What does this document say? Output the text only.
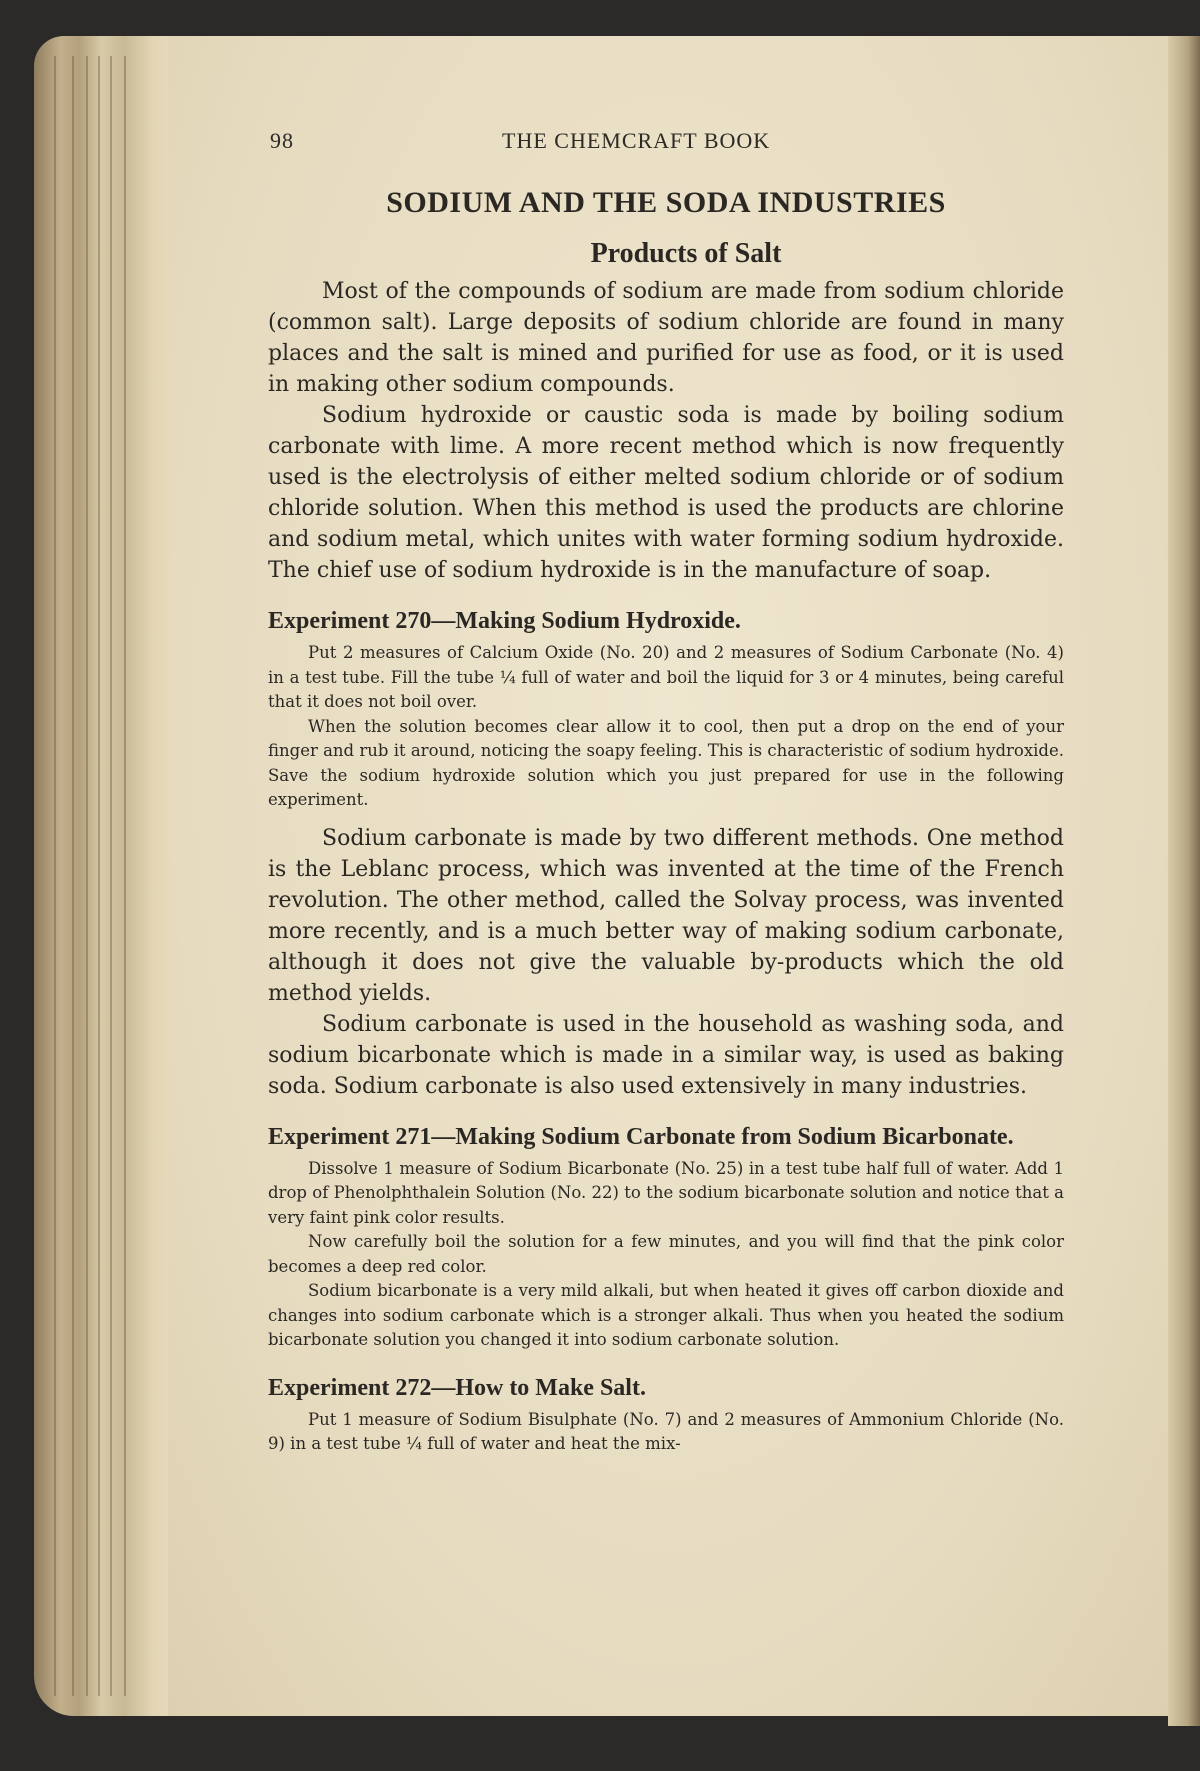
98	THE CHEMCRAFT BOOK
SODIUM AND THE SODA INDUSTRIES
Products of Salt

Most of the compounds of sodium are made from sodium chloride (common salt). Large deposits of sodium chloride are found in many places and the salt is mined and purified for use as food, or it is used in making other sodium compounds.

Sodium hydroxide or caustic soda is made by boiling sodium carbonate with lime. A more recent method which is now frequently used is the electrolysis of either melted sodium chloride or of sodium chloride solution. When this method is used the products are chlorine and sodium metal, which unites with water forming sodium hydroxide. The chief use of sodium hydroxide is in the manufacture of soap.

Experiment 270—Making Sodium Hydroxide.

Put 2 measures of Calcium Oxide (No. 20) and 2 measures of Sodium Carbonate (No. 4) in a test tube. Fill the tube ¼ full of water and boil the liquid for 3 or 4 minutes, being careful that it does not boil over.

When the solution becomes clear allow it to cool, then put a drop on the end of your finger and rub it around, noticing the soapy feeling. This is characteristic of sodium hydroxide. Save the sodium hydroxide solution which you just prepared for use in the following experiment.

Sodium carbonate is made by two different methods. One method is the Leblanc process, which was invented at the time of the French revolution. The other method, called the Solvay process, was invented more recently, and is a much better way of making sodium carbonate, although it does not give the valuable by-products which the old method yields.

Sodium carbonate is used in the household as washing soda, and sodium bicarbonate which is made in a similar way, is used as baking soda. Sodium carbonate is also used extensively in many industries.

Experiment 271—Making Sodium Carbonate from Sodium Bicarbonate.

Dissolve 1 measure of Sodium Bicarbonate (No. 25) in a test tube half full of water. Add 1 drop of Phenolphthalein Solution (No. 22) to the sodium bicarbonate solution and notice that a very faint pink color results.

Now carefully boil the solution for a few minutes, and you will find that the pink color becomes a deep red color.

Sodium bicarbonate is a very mild alkali, but when heated it gives off carbon dioxide and changes into sodium carbonate which is a stronger alkali. Thus when you heated the sodium bicarbonate solution you changed it into sodium carbonate solution.

Experiment 272—How to Make Salt.

Put 1 measure of Sodium Bisulphate (No. 7) and 2 measures of Ammonium Chloride (No. 9) in a test tube ¼ full of water and heat the mix-
